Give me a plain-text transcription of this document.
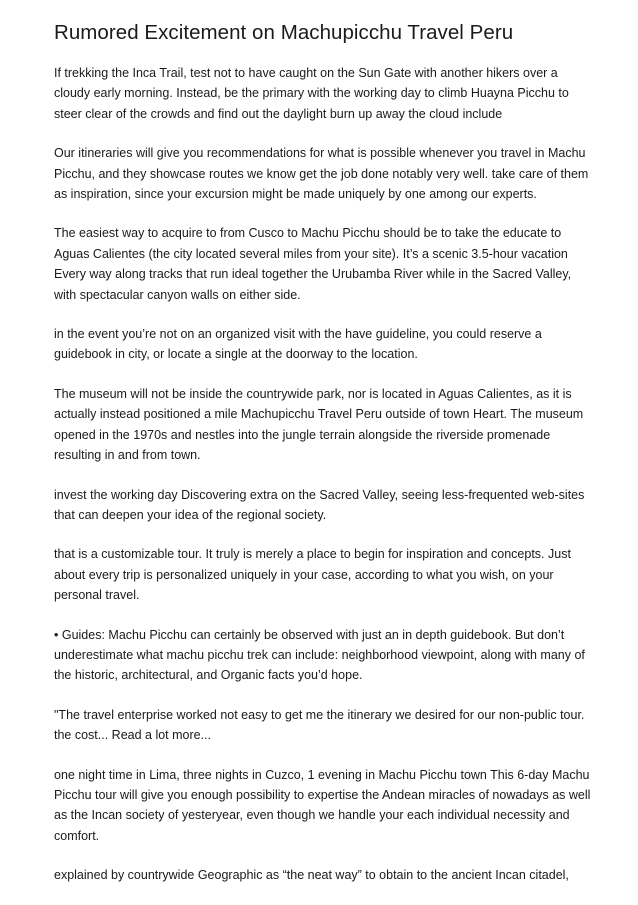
Rumored Excitement on Machupicchu Travel Peru

If trekking the Inca Trail, test not to have caught on the Sun Gate with another hikers over a cloudy early morning. Instead, be the primary with the working day to climb Huayna Picchu to steer clear of the crowds and find out the daylight burn up away the cloud include

Our itineraries will give you recommendations for what is possible whenever you travel in Machu Picchu, and they showcase routes we know get the job done notably very well. take care of them as inspiration, since your excursion might be made uniquely by one among our experts.

The easiest way to acquire to from Cusco to Machu Picchu should be to take the educate to Aguas Calientes (the city located several miles from your site). It’s a scenic 3.5-hour vacation Every way along tracks that run ideal together the Urubamba River while in the Sacred Valley, with spectacular canyon walls on either side.

in the event you’re not on an organized visit with the have guideline, you could reserve a guidebook in city, or locate a single at the doorway to the location.

The museum will not be inside the countrywide park, nor is located in Aguas Calientes, as it is actually instead positioned a mile Machupicchu Travel Peru outside of town Heart. The museum opened in the 1970s and nestles into the jungle terrain alongside the riverside promenade resulting in and from town.

invest the working day Discovering extra on the Sacred Valley, seeing less-frequented web-sites that can deepen your idea of the regional society.

that is a customizable tour. It truly is merely a place to begin for inspiration and concepts. Just about every trip is personalized uniquely in your case, according to what you wish, on your personal travel.

• Guides: Machu Picchu can certainly be observed with just an in depth guidebook. But don’t underestimate what machu picchu trek can include: neighborhood viewpoint, along with many of the historic, architectural, and Organic facts you’d hope.

"The travel enterprise worked not easy to get me the itinerary we desired for our non-public tour. the cost... Read a lot more...

one night time in Lima, three nights in Cuzco, 1 evening in Machu Picchu town This 6-day Machu Picchu tour will give you enough possibility to expertise the Andean miracles of nowadays as well as the Incan society of yesteryear, even though we handle your each individual necessity and comfort.

explained by countrywide Geographic as “the neat way” to obtain to the ancient Incan citadel,
